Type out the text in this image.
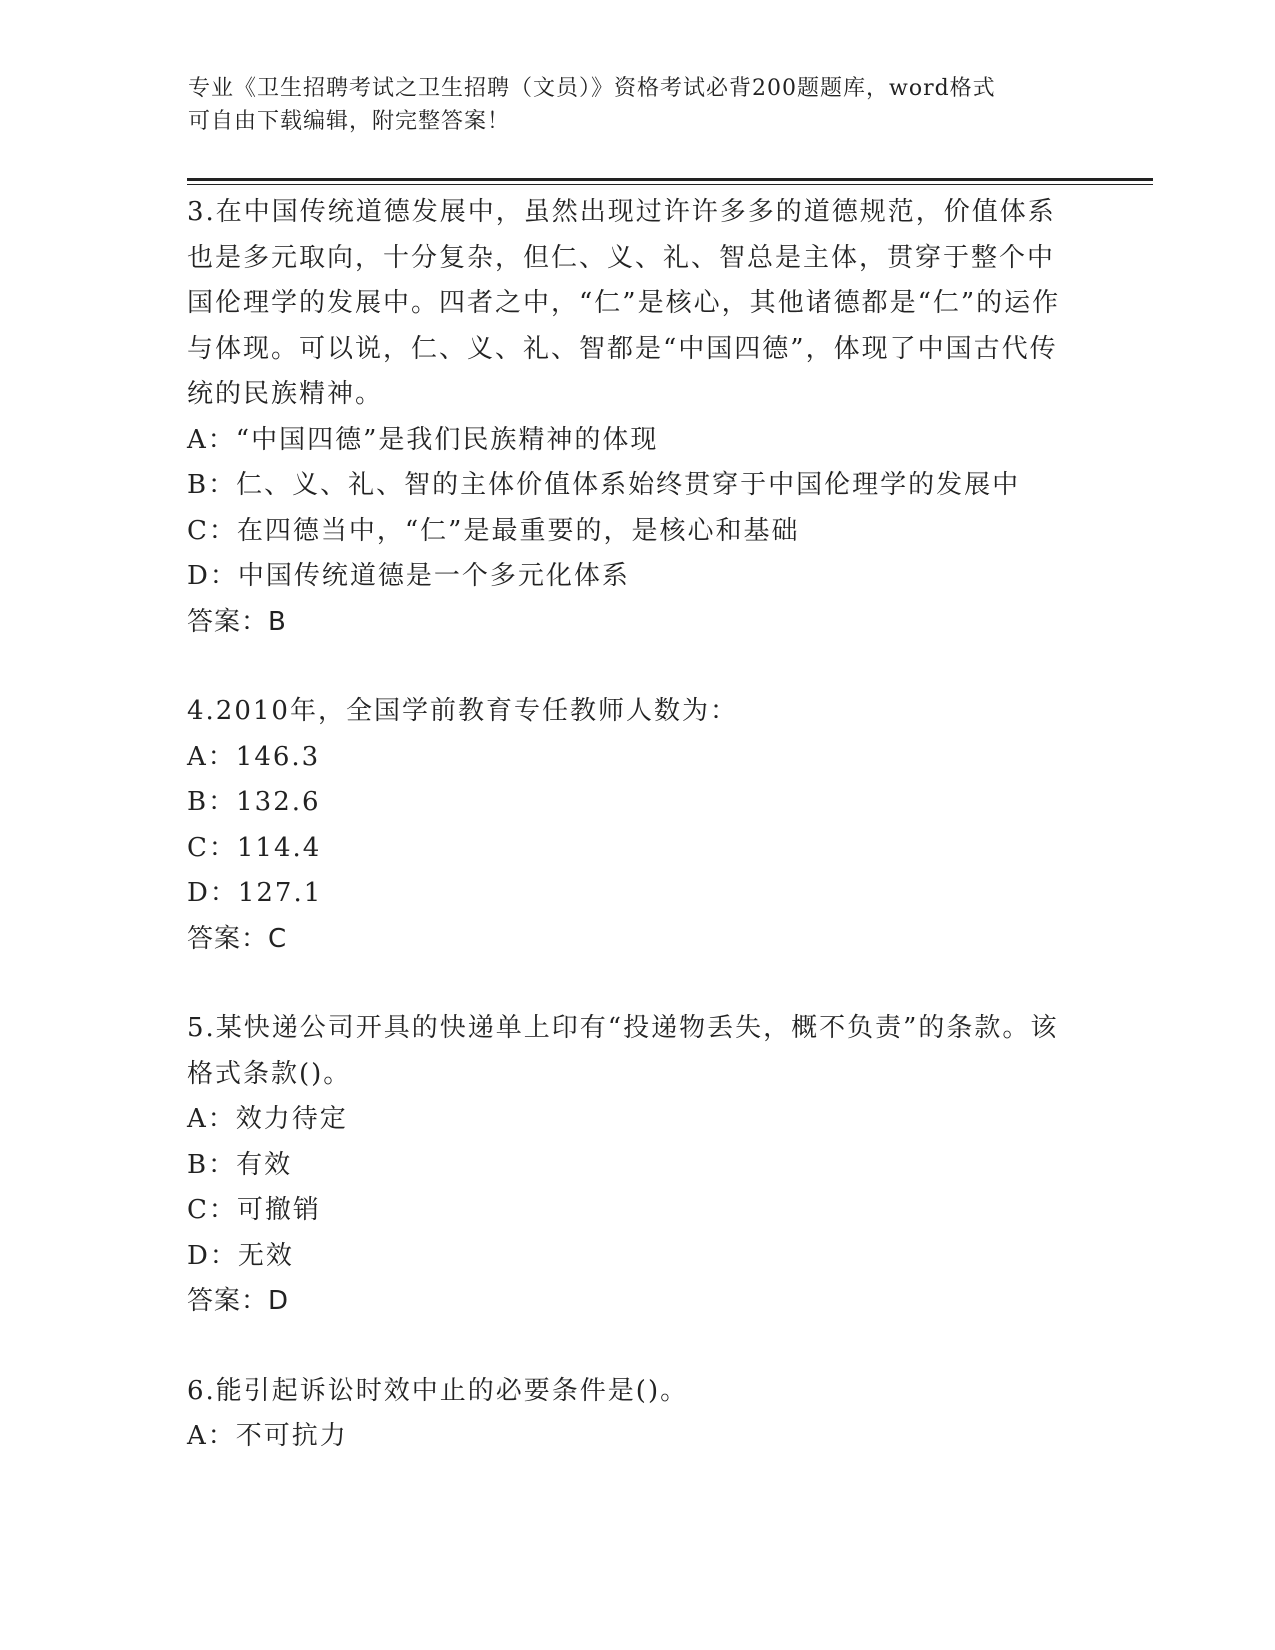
专业《卫生招聘考试之卫生招聘（文员）》资格考试必背200题题库，word格式
可自由下载编辑，附完整答案！

3.在中国传统道德发展中，虽然出现过许许多多的道德规范，价值体系也是多元取向，十分复杂，但仁、义、礼、智总是主体，贯穿于整个中国伦理学的发展中。四者之中，“仁”是核心，其他诸德都是“仁”的运作与体现。可以说，仁、义、礼、智都是“中国四德”，体现了中国古代传统的民族精神。

A：“中国四德”是我们民族精神的体现
B：仁、义、礼、智的主体价值体系始终贯穿于中国伦理学的发展中
C：在四德当中，“仁”是最重要的，是核心和基础
D：中国传统道德是一个多元化体系
答案：B

4.2010年，全国学前教育专任教师人数为：

A：146.3
B：132.6
C：114.4
D：127.1
答案：C

5.某快递公司开具的快递单上印有“投递物丢失，概不负责”的条款。该格式条款()。

A：效力待定
B：有效
C：可撤销
D：无效
答案：D

6.能引起诉讼时效中止的必要条件是()。

A：不可抗力
